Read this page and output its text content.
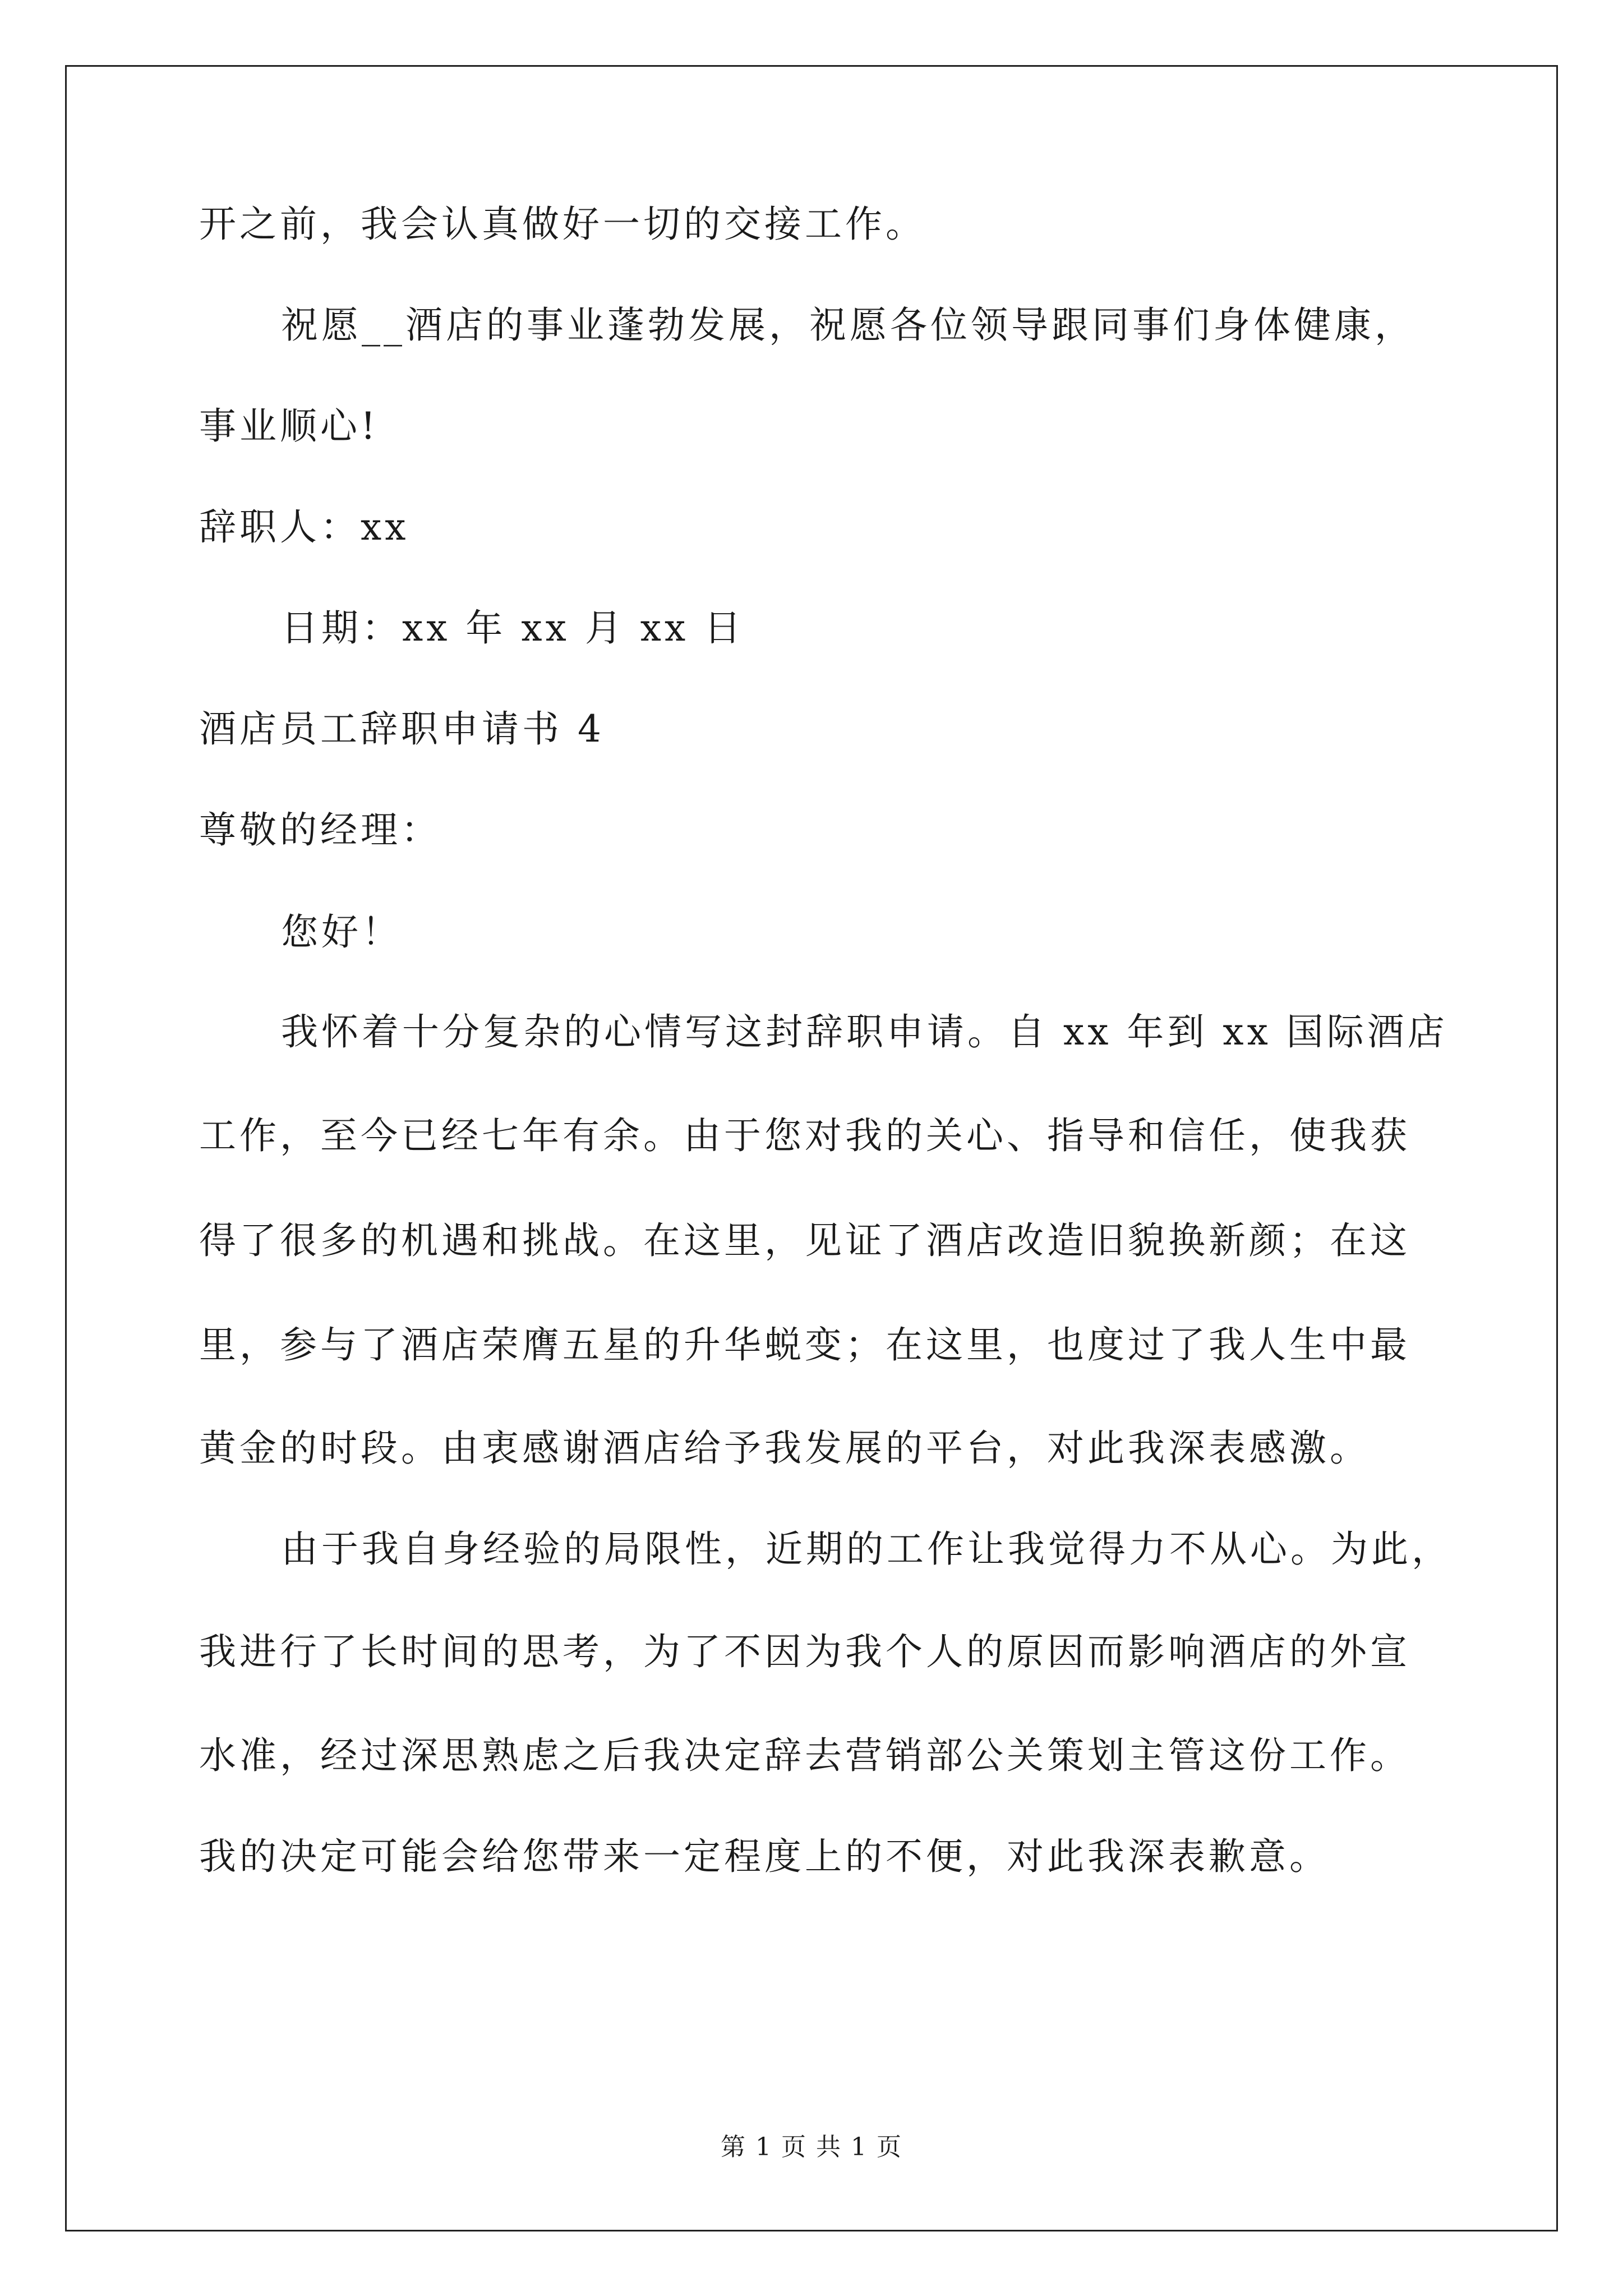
开之前，我会认真做好一切的交接工作。

祝愿__酒店的事业蓬勃发展，祝愿各位领导跟同事们身体健康，

事业顺心!

辞职人：xx

日期：xx 年 xx 月 xx 日

酒店员工辞职申请书 4

尊敬的经理：

您好！

我怀着十分复杂的心情写这封辞职申请。自 xx 年到 xx 国际酒店

工作，至今已经七年有余。由于您对我的关心、指导和信任，使我获

得了很多的机遇和挑战。在这里，见证了酒店改造旧貌换新颜；在这

里，参与了酒店荣膺五星的升华蜕变；在这里，也度过了我人生中最

黄金的时段。由衷感谢酒店给予我发展的平台，对此我深表感激。

由于我自身经验的局限性，近期的工作让我觉得力不从心。为此，

我进行了长时间的思考，为了不因为我个人的原因而影响酒店的外宣

水准，经过深思熟虑之后我决定辞去营销部公关策划主管这份工作。

我的决定可能会给您带来一定程度上的不便，对此我深表歉意。

第 1 页 共 1 页
